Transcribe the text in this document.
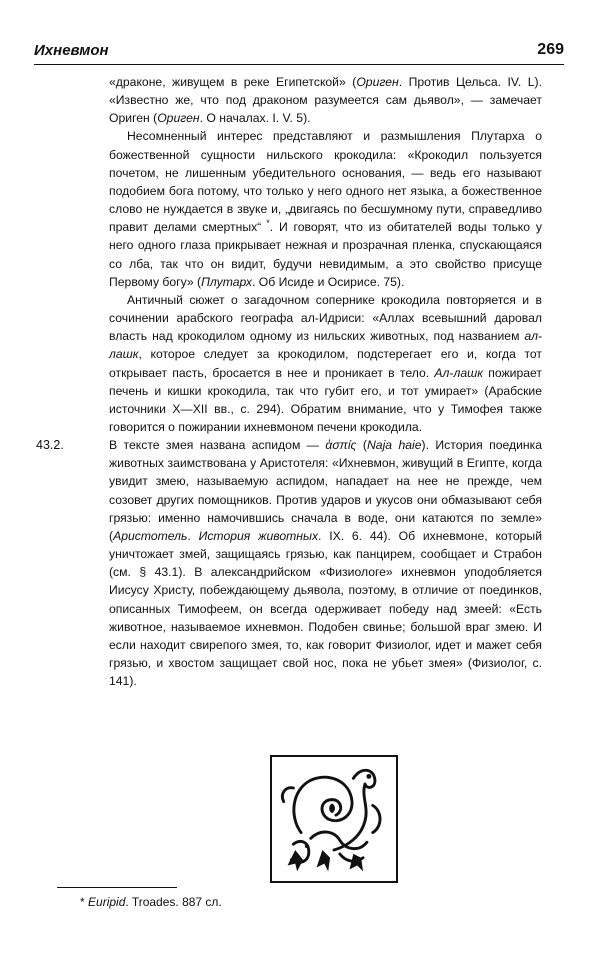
Ихневмон	269

«драконе, живущем в реке Египетской» (Ориген. Против Цельса. IV. L). «Известно же, что под драконом разумеется сам дьявол», — замечает Ориген (Ориген. О началах. I. V. 5).

Несомненный интерес представляют и размышления Плутарха о божественной сущности нильского крокодила: «Крокодил пользуется почетом, не лишенным убедительного основания, — ведь его называют подобием бога потому, что только у него одного нет языка, а божественное слово не нуждается в звуке и, „двигаясь по бесшумному пути, справедливо правит делами смертных“ *. И говорят, что из обитателей воды только у него одного глаза прикрывает нежная и прозрачная пленка, спускающаяся со лба, так что он видит, будучи невидимым, а это свойство присуще Первому богу» (Плутарх. Об Исиде и Осирисе. 75).

Античный сюжет о загадочном сопернике крокодила повторяется и в сочинении арабского географа ал-Идриси: «Аллах всевышний даровал власть над крокодилом одному из нильских животных, под названием ал-лашк, которое следует за крокодилом, подстерегает его и, когда тот открывает пасть, бросается в нее и проникает в тело. Ал-лашк пожирает печень и кишки крокодила, так что губит его, и тот умирает» (Арабские источники X—XII вв., с. 294). Обратим внимание, что у Тимофея также говорится о пожирании ихневмоном печени крокодила.

43.2.	В тексте змея названа аспидом — ἀσπίς (Naja haie). История поединка животных заимствована у Аристотеля: «Ихневмон, живущий в Египте, когда увидит змею, называемую аспидом, нападает на нее не прежде, чем созовет других помощников. Против ударов и укусов они обмазывают себя грязью: именно намочившись сначала в воде, они катаются по земле» (Аристотель. История животных. IX. 6. 44). Об ихневмоне, который уничтожает змей, защищаясь грязью, как панцирем, сообщает и Страбон (см. § 43.1). В александрийском «Физиологе» ихневмон уподобляется Иисусу Христу, побеждающему дьявола, поэтому, в отличие от поединков, описанных Тимофеем, он всегда одерживает победу над змеей: «Есть животное, называемое ихневмон. Подобен свинье; большой враг змею. И если находит свирепого змея, то, как говорит Физиолог, идет и мажет себя грязью, и хвостом защищает свой нос, пока не убьет змея» (Физиолог, с. 141).

* Euripid. Troades. 887 сл.
